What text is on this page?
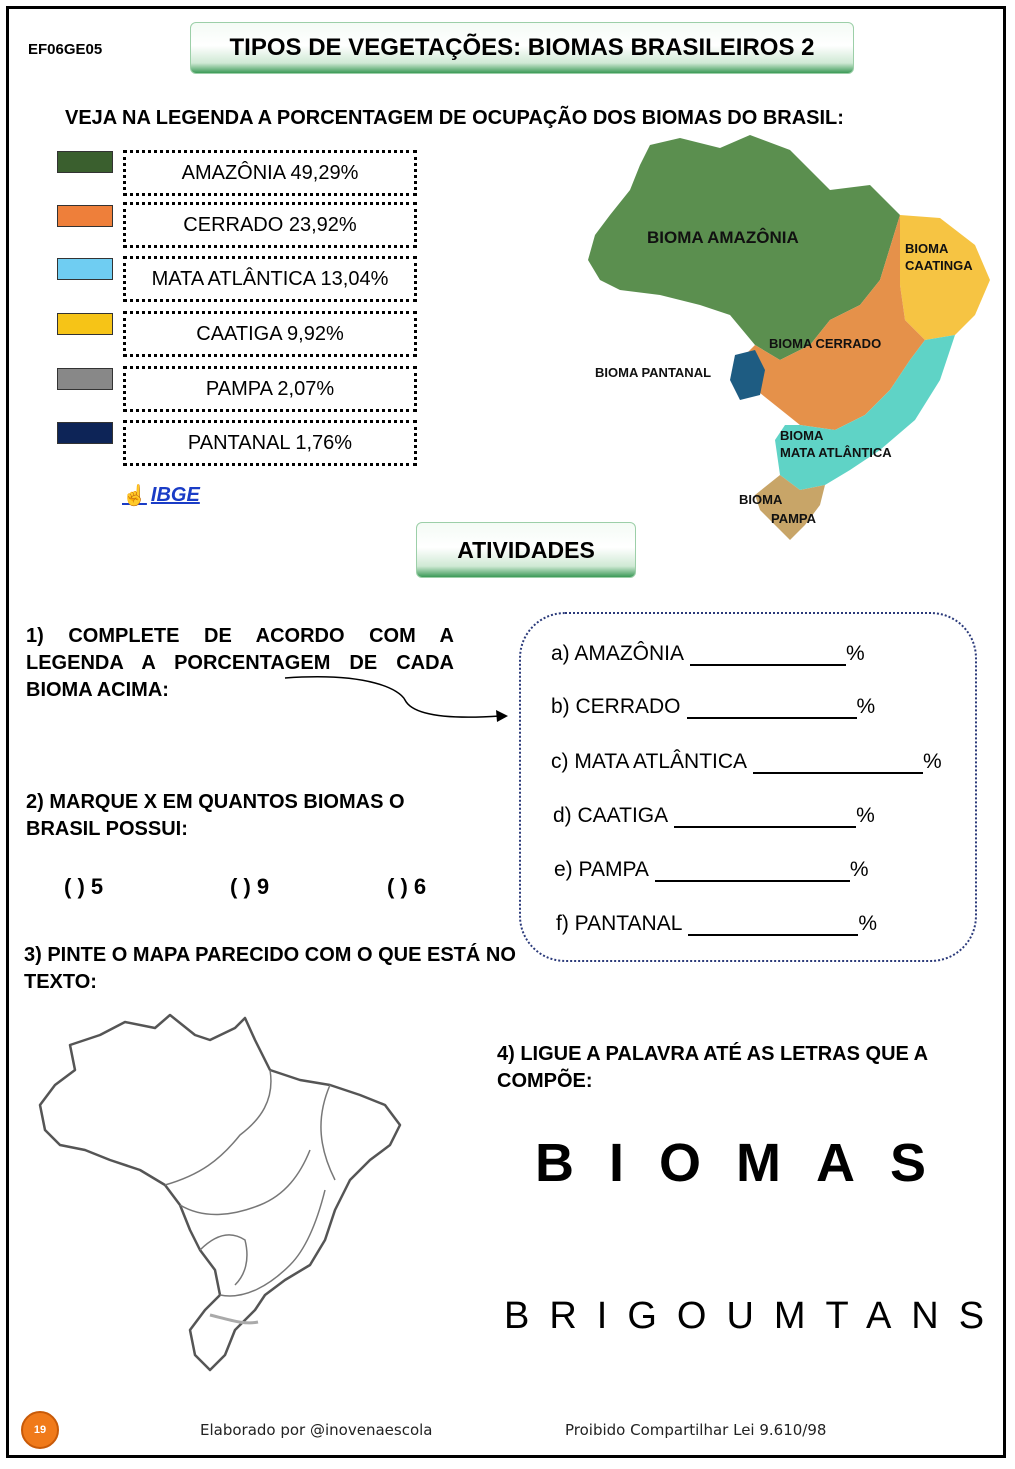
EF06GE05	TIPOS DE VEGETAÇÕES: BIOMAS BRASILEIROS 2
VEJA NA LEGENDA A PORCENTAGEM DE OCUPAÇÃO DOS BIOMAS DO BRASIL:
AMAZÔNIA 49,29%
CERRADO 23,92%
MATA ATLÂNTICA 13,04%
CAATIGA 9,92%
PAMPA 2,07%
PANTANAL 1,76%
☝ IBGE
BIOMA AMAZÔNIA
BIOMA
CAATINGA
BIOMA CERRADO
BIOMA PANTANAL
BIOMA
MATA ATLÂNTICA
BIOMA
PAMPA
ATIVIDADES
1) COMPLETE DE ACORDO COM A LEGENDA A PORCENTAGEM DE CADA BIOMA ACIMA:
a) AMAZÔNIA	%
b) CERRADO	%
c) MATA ATLÂNTICA	%
d) CAATIGA	%
e) PAMPA	%
f) PANTANAL	%
2) MARQUE X EM QUANTOS BIOMAS O BRASIL POSSUI:
( ) 5	( ) 9	( ) 6
3) PINTE O MAPA PARECIDO COM O QUE ESTÁ NO TEXTO:
4) LIGUE A PALAVRA ATÉ AS LETRAS QUE A COMPÕE:
BIOMAS
BRIGOUMTANS
19	Elaborado por @inovenaescola	Proibido Compartilhar Lei 9.610/98
